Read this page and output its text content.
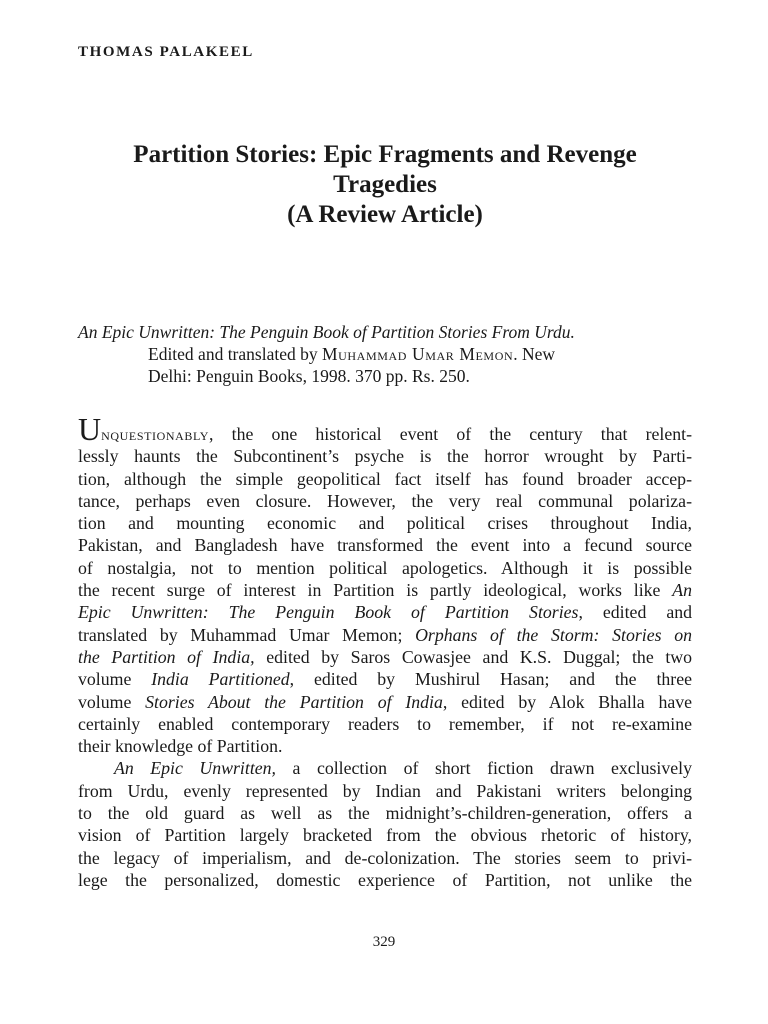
THOMAS PALAKEEL
Partition Stories: Epic Fragments and Revenge
Tragedies
(A Review Article)
An Epic Unwritten: The Penguin Book of Partition Stories From Urdu.
Edited and translated by Muhammad Umar Memon. New
Delhi: Penguin Books, 1998. 370 pp. Rs. 250.
Unquestionably, the one historical event of the century that relent-
lessly haunts the Subcontinent’s psyche is the horror wrought by Parti-
tion, although the simple geopolitical fact itself has found broader accep-
tance, perhaps even closure. However, the very real communal polariza-
tion and mounting economic and political crises throughout India,
Pakistan, and Bangladesh have transformed the event into a fecund source
of nostalgia, not to mention political apologetics. Although it is possible
the recent surge of interest in Partition is partly ideological, works like An
Epic Unwritten: The Penguin Book of Partition Stories, edited and
translated by Muhammad Umar Memon; Orphans of the Storm: Stories on
the Partition of India, edited by Saros Cowasjee and K.S. Duggal; the two
volume India Partitioned, edited by Mushirul Hasan; and the three
volume Stories About the Partition of India, edited by Alok Bhalla have
certainly enabled contemporary readers to remember, if not re-examine
their knowledge of Partition.
An Epic Unwritten, a collection of short fiction drawn exclusively
from Urdu, evenly represented by Indian and Pakistani writers belonging
to the old guard as well as the midnight’s-children-generation, offers a
vision of Partition largely bracketed from the obvious rhetoric of history,
the legacy of imperialism, and de-colonization. The stories seem to privi-
lege the personalized, domestic experience of Partition, not unlike the
329
